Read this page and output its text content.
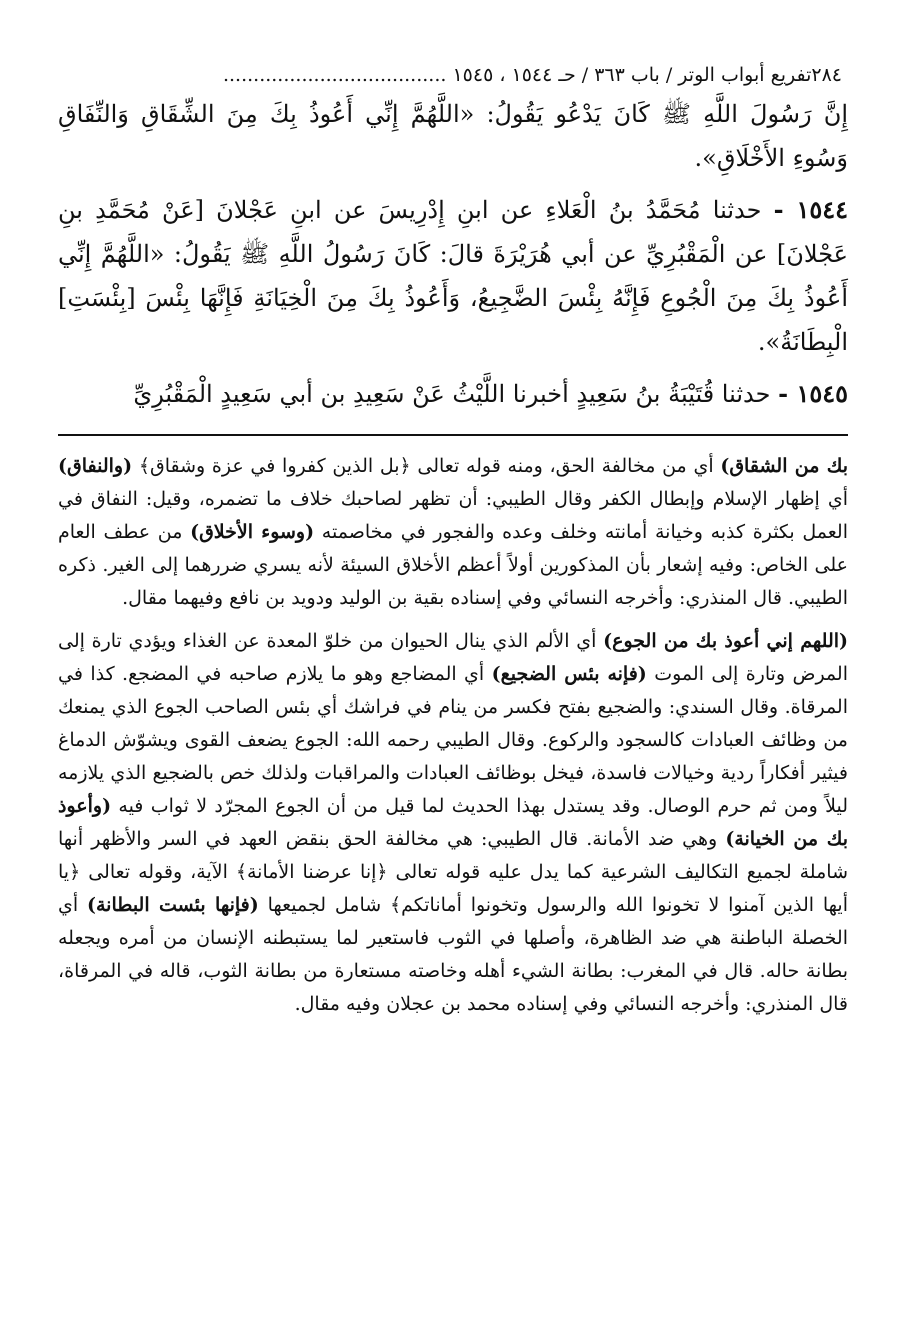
٢٨٤
تفريع أبواب الوتر / باب ٣٦٣ / حـ ١٥٤٤ ، ١٥٤٥ .....................................

إِنَّ رَسُولَ اللَّهِ ﷺ كَانَ يَدْعُو يَقُولُ: «اللَّهُمَّ إِنِّي أَعُوذُ بِكَ مِنَ الشِّقَاقِ وَالنِّفَاقِ وَسُوءِ الأَخْلَاقِ».

١٥٤٤ - حدثنا مُحَمَّدُ بنُ الْعَلاءِ عن ابنِ إِدْرِيسَ عن ابنِ عَجْلانَ [عَنْ مُحَمَّدِ بنِ عَجْلانَ] عن الْمَقْبُرِيِّ عن أبي هُرَيْرَةَ قالَ: كَانَ رَسُولُ اللَّهِ ﷺ يَقُولُ: «اللَّهُمَّ إِنِّي أَعُوذُ بِكَ مِنَ الْجُوعِ فَإِنَّهُ بِئْسَ الضَّجِيعُ، وَأَعُوذُ بِكَ مِنَ الْخِيَانَةِ فَإِنَّهَا بِئْسَ [بِئْسَتِ] الْبِطَانَةُ».

١٥٤٥ - حدثنا قُتَيْبَةُ بنُ سَعِيدٍ أخبرنا اللَّيْثُ عَنْ سَعِيدِ بن أبي سَعِيدٍ الْمَقْبُرِيِّ

بك من الشقاق) أي من مخالفة الحق، ومنه قوله تعالى ﴿بل الذين كفروا في عزة وشقاق﴾ (والنفاق) أي إظهار الإسلام وإبطال الكفر وقال الطيبي: أن تظهر لصاحبك خلاف ما تضمره، وقيل: النفاق في العمل بكثرة كذبه وخيانة أمانته وخلف وعده والفجور في مخاصمته (وسوء الأخلاق) من عطف العام على الخاص: وفيه إشعار بأن المذكورين أولاً أعظم الأخلاق السيئة لأنه يسري ضررهما إلى الغير. ذكره الطيبي. قال المنذري: وأخرجه النسائي وفي إسناده بقية بن الوليد ودويد بن نافع وفيهما مقال.

(اللهم إني أعوذ بك من الجوع) أي الألم الذي ينال الحيوان من خلوّ المعدة عن الغذاء ويؤدي تارة إلى المرض وتارة إلى الموت (فإنه بئس الضجيع) أي المضاجع وهو ما يلازم صاحبه في المضجع. كذا في المرقاة. وقال السندي: والضجيع بفتح فكسر من ينام في فراشك أي بئس الصاحب الجوع الذي يمنعك من وظائف العبادات كالسجود والركوع. وقال الطيبي رحمه الله: الجوع يضعف القوى ويشوّش الدماغ فيثير أفكاراً ردية وخيالات فاسدة، فيخل بوظائف العبادات والمراقبات ولذلك خص بالضجيع الذي يلازمه ليلاً ومن ثم حرم الوصال. وقد يستدل بهذا الحديث لما قيل من أن الجوع المجرّد لا ثواب فيه (وأعوذ بك من الخيانة) وهي ضد الأمانة. قال الطيبي: هي مخالفة الحق بنقض العهد في السر والأظهر أنها شاملة لجميع التكاليف الشرعية كما يدل عليه قوله تعالى ﴿إنا عرضنا الأمانة﴾ الآية، وقوله تعالى ﴿يا أيها الذين آمنوا لا تخونوا الله والرسول وتخونوا أماناتكم﴾ شامل لجميعها (فإنها بئست البطانة) أي الخصلة الباطنة هي ضد الظاهرة، وأصلها في الثوب فاستعير لما يستبطنه الإنسان من أمره ويجعله بطانة حاله. قال في المغرب: بطانة الشيء أهله وخاصته مستعارة من بطانة الثوب، قاله في المرقاة، قال المنذري: وأخرجه النسائي وفي إسناده محمد بن عجلان وفيه مقال.
